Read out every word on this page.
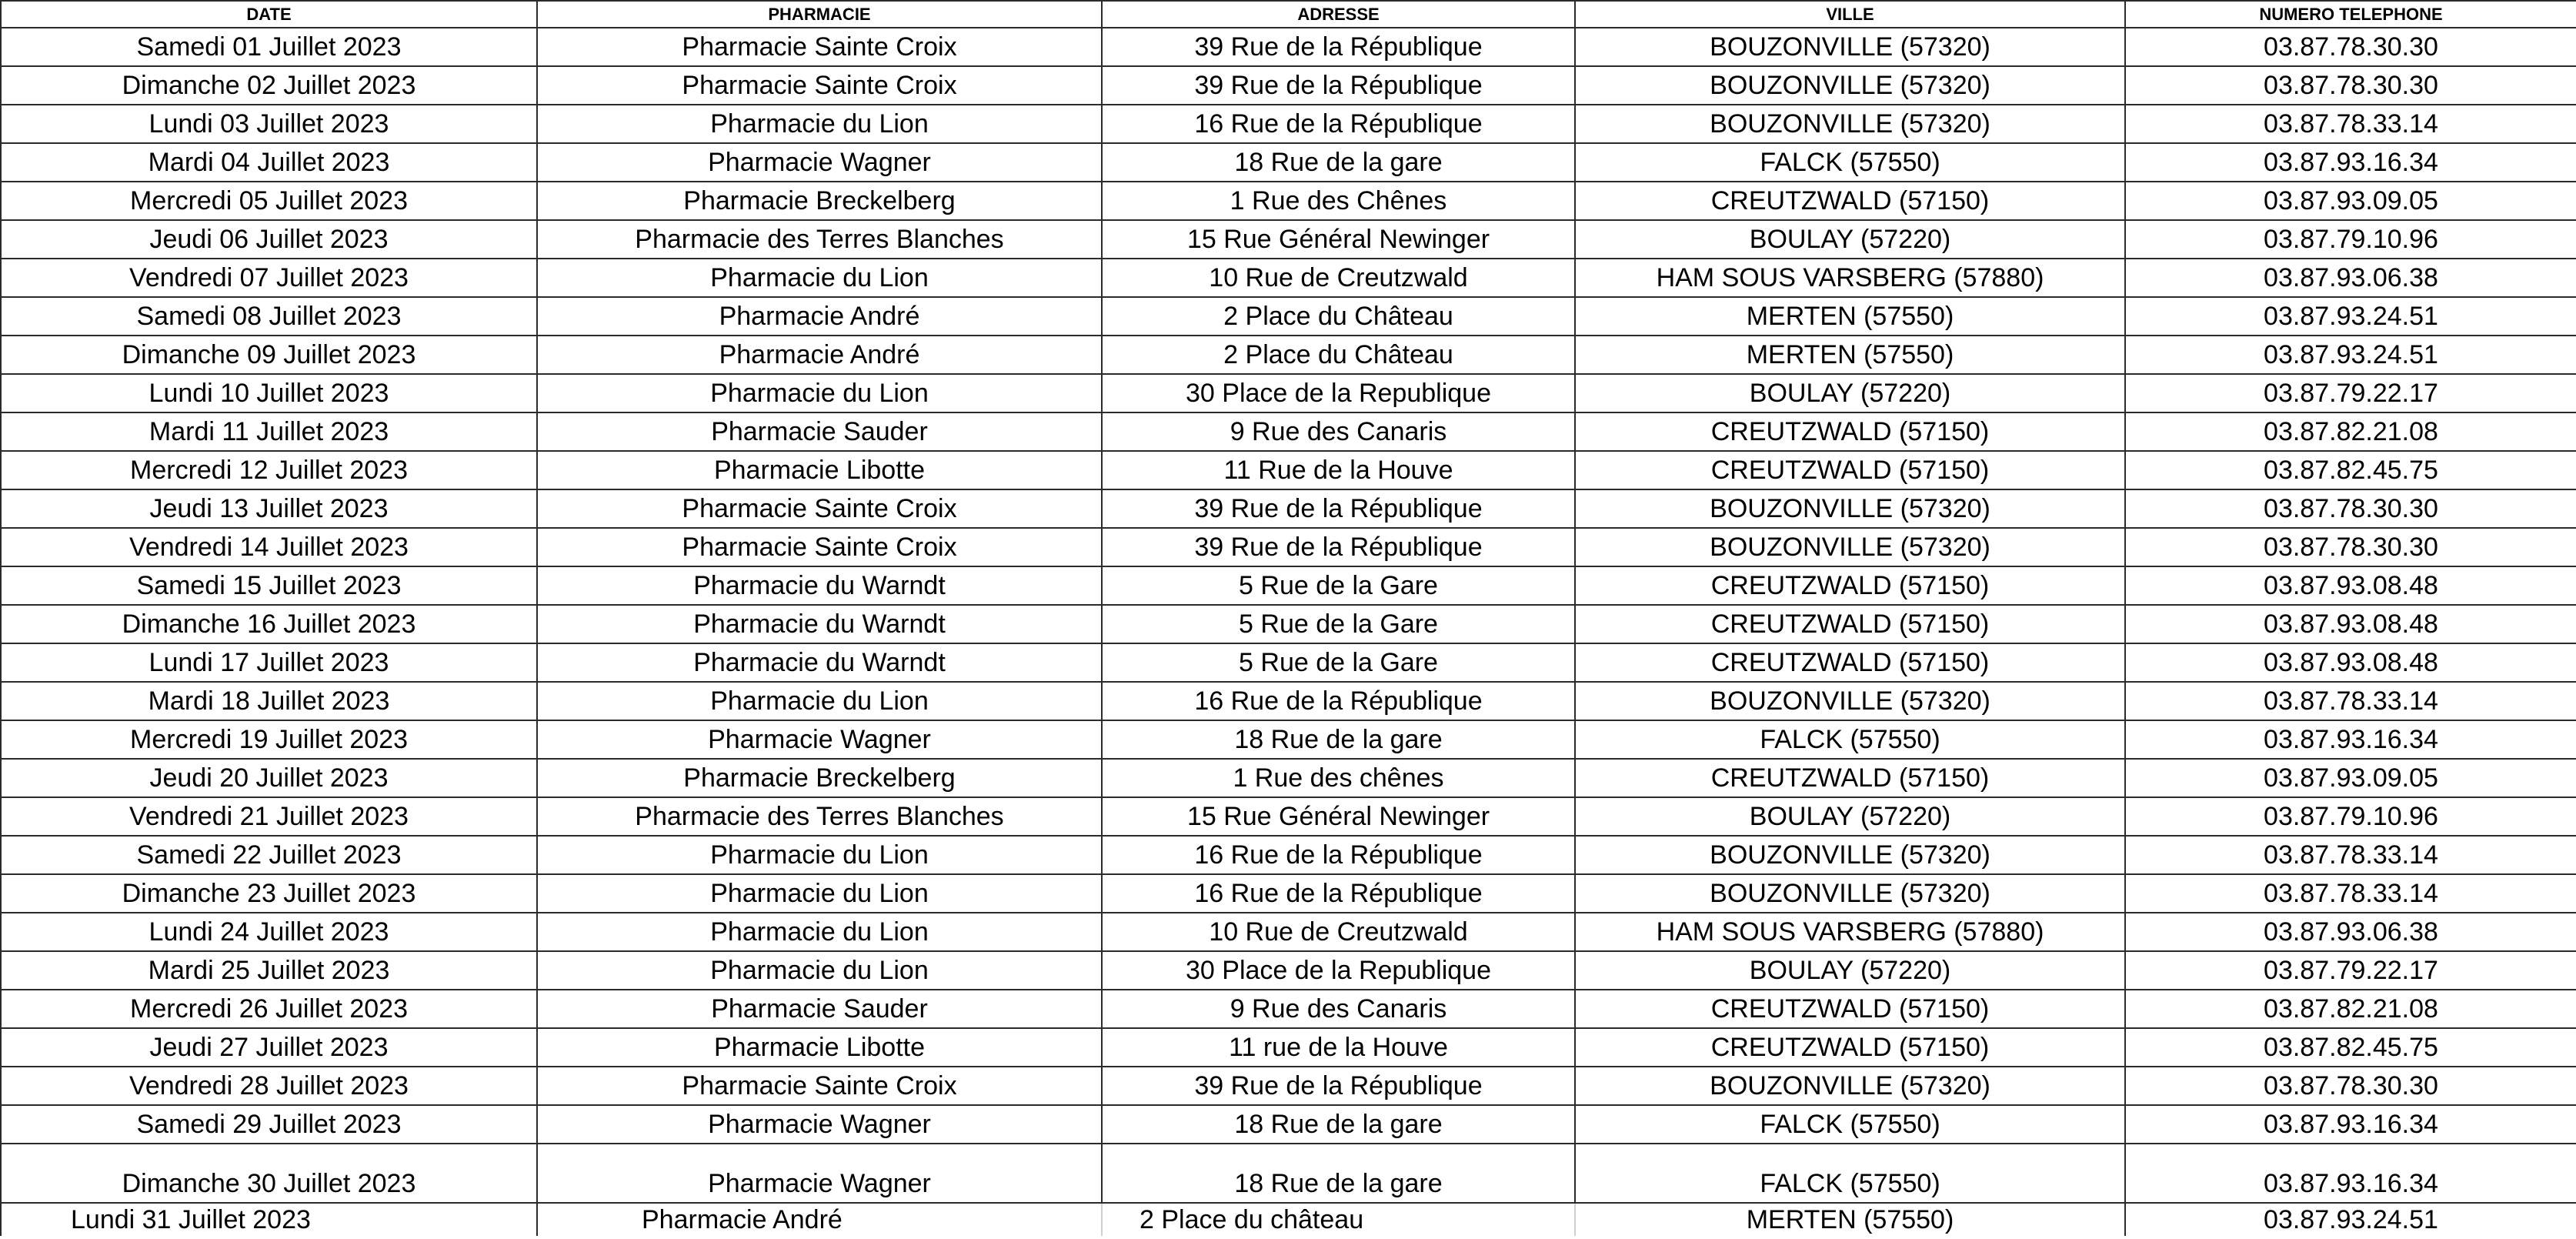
DATE	PHARMACIE	ADRESSE	VILLE	NUMERO TELEPHONE
Samedi 01 Juillet 2023	Pharmacie Sainte Croix	39 Rue de la République	BOUZONVILLE (57320)	03.87.78.30.30
Dimanche 02 Juillet 2023	Pharmacie Sainte Croix	39 Rue de la République	BOUZONVILLE (57320)	03.87.78.30.30
Lundi 03 Juillet 2023	Pharmacie du Lion	16 Rue de la République	BOUZONVILLE (57320)	03.87.78.33.14
Mardi 04 Juillet 2023	Pharmacie Wagner	18 Rue de la gare	FALCK (57550)	03.87.93.16.34
Mercredi 05 Juillet 2023	Pharmacie Breckelberg	1 Rue des Chênes	CREUTZWALD (57150)	03.87.93.09.05
Jeudi 06 Juillet 2023	Pharmacie des Terres Blanches	15 Rue Général Newinger	BOULAY (57220)	03.87.79.10.96
Vendredi 07 Juillet 2023	Pharmacie du Lion	10 Rue de Creutzwald	HAM SOUS VARSBERG (57880)	03.87.93.06.38
Samedi 08 Juillet 2023	Pharmacie André	2 Place du Château	MERTEN (57550)	03.87.93.24.51
Dimanche 09 Juillet 2023	Pharmacie André	2 Place du Château	MERTEN (57550)	03.87.93.24.51
Lundi 10 Juillet 2023	Pharmacie du Lion	30 Place de la Republique	BOULAY (57220)	03.87.79.22.17
Mardi 11 Juillet 2023	Pharmacie Sauder	9 Rue des Canaris	CREUTZWALD (57150)	03.87.82.21.08
Mercredi 12 Juillet 2023	Pharmacie Libotte	11 Rue de la Houve	CREUTZWALD (57150)	03.87.82.45.75
Jeudi 13 Juillet 2023	Pharmacie Sainte Croix	39 Rue de la République	BOUZONVILLE (57320)	03.87.78.30.30
Vendredi 14 Juillet 2023	Pharmacie Sainte Croix	39 Rue de la République	BOUZONVILLE (57320)	03.87.78.30.30
Samedi 15 Juillet 2023	Pharmacie du Warndt	5 Rue de la Gare	CREUTZWALD (57150)	03.87.93.08.48
Dimanche 16 Juillet 2023	Pharmacie du Warndt	5 Rue de la Gare	CREUTZWALD (57150)	03.87.93.08.48
Lundi 17 Juillet 2023	Pharmacie du Warndt	5 Rue de la Gare	CREUTZWALD (57150)	03.87.93.08.48
Mardi 18 Juillet 2023	Pharmacie du Lion	16 Rue de la République	BOUZONVILLE (57320)	03.87.78.33.14
Mercredi 19 Juillet 2023	Pharmacie Wagner	18 Rue de la gare	FALCK (57550)	03.87.93.16.34
Jeudi 20 Juillet 2023	Pharmacie Breckelberg	1 Rue des chênes	CREUTZWALD (57150)	03.87.93.09.05
Vendredi 21 Juillet 2023	Pharmacie des Terres Blanches	15 Rue Général Newinger	BOULAY (57220)	03.87.79.10.96
Samedi 22 Juillet 2023	Pharmacie du Lion	16 Rue de la République	BOUZONVILLE (57320)	03.87.78.33.14
Dimanche 23 Juillet 2023	Pharmacie du Lion	16 Rue de la République	BOUZONVILLE (57320)	03.87.78.33.14
Lundi 24 Juillet 2023	Pharmacie du Lion	10 Rue de Creutzwald	HAM SOUS VARSBERG (57880)	03.87.93.06.38
Mardi 25 Juillet 2023	Pharmacie du Lion	30 Place de la Republique	BOULAY (57220)	03.87.79.22.17
Mercredi 26 Juillet 2023	Pharmacie Sauder	9 Rue des Canaris	CREUTZWALD (57150)	03.87.82.21.08
Jeudi 27 Juillet 2023	Pharmacie Libotte	11 rue de la Houve	CREUTZWALD (57150)	03.87.82.45.75
Vendredi 28 Juillet 2023	Pharmacie Sainte Croix	39 Rue de la République	BOUZONVILLE (57320)	03.87.78.30.30
Samedi 29 Juillet 2023	Pharmacie Wagner	18 Rue de la gare	FALCK (57550)	03.87.93.16.34
Dimanche 30 Juillet 2023	Pharmacie Wagner	18 Rue de la gare	FALCK (57550)	03.87.93.16.34
Lundi 31 Juillet 2023	Pharmacie André	2 Place du château	MERTEN (57550)	03.87.93.24.51
